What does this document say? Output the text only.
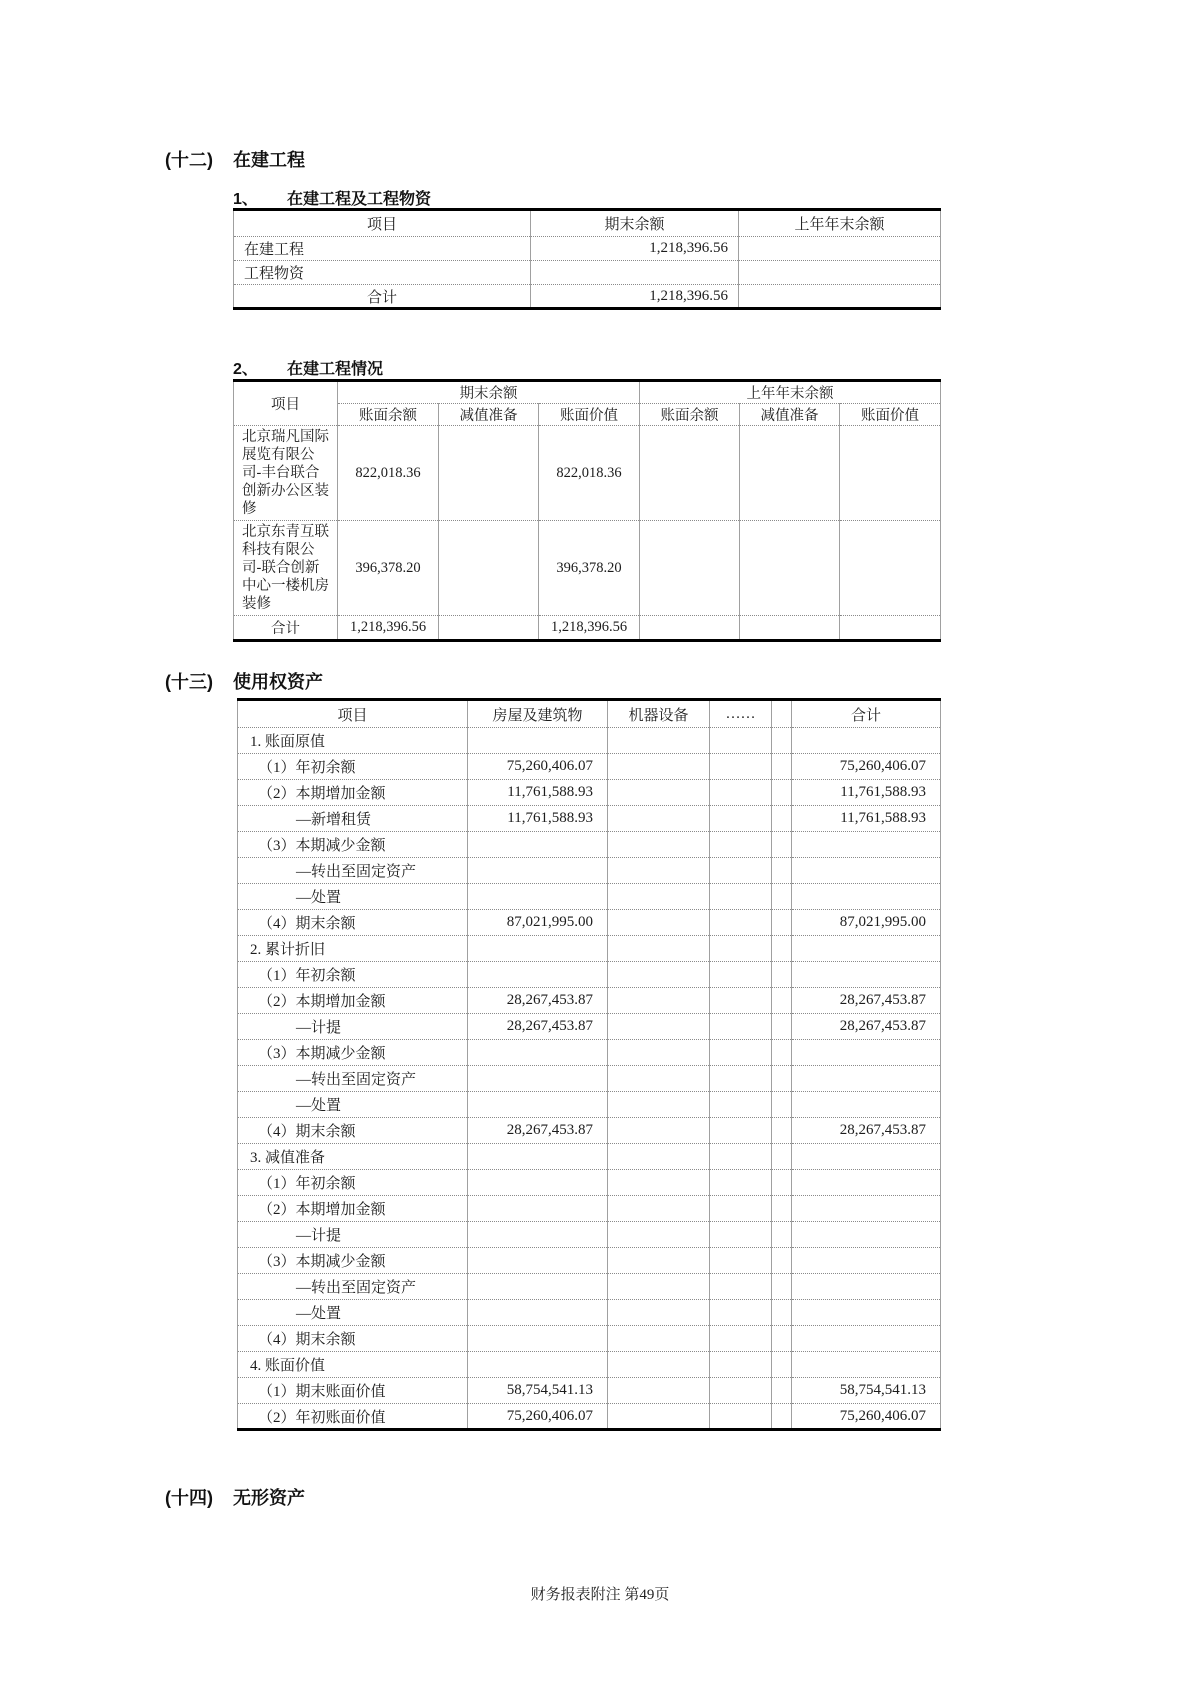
(十二) 在建工程
1、 在建工程及工程物资
项目	期末余额	上年年末余额
在建工程	1,218,396.56	
工程物资		
合计	1,218,396.56	
2、 在建工程情况
项目	期末余额			上年年末余额		
	账面余额	减值准备	账面价值	账面余额	减值准备	账面价值
北京瑞凡国际展览有限公司-丰台联合创新办公区装修	822,018.36		822,018.36			
北京东青互联科技有限公司-联合创新中心一楼机房装修	396,378.20		396,378.20			
合计	1,218,396.56		1,218,396.56			
(十三) 使用权资产
项目	房屋及建筑物	机器设备	……		合计
1. 账面原值					
（1）年初余额	75,260,406.07				75,260,406.07
（2）本期增加金额	11,761,588.93				11,761,588.93
—新增租赁	11,761,588.93				11,761,588.93
（3）本期减少金额					
—转出至固定资产					
—处置					
（4）期末余额	87,021,995.00				87,021,995.00
2. 累计折旧					
（1）年初余额					
（2）本期增加金额	28,267,453.87				28,267,453.87
—计提	28,267,453.87				28,267,453.87
（3）本期减少金额					
—转出至固定资产					
—处置					
（4）期末余额	28,267,453.87				28,267,453.87
3. 减值准备					
（1）年初余额					
（2）本期增加金额					
—计提					
（3）本期减少金额					
—转出至固定资产					
—处置					
（4）期末余额					
4. 账面价值					
（1）期末账面价值	58,754,541.13				58,754,541.13
（2）年初账面价值	75,260,406.07				75,260,406.07
(十四) 无形资产
财务报表附注 第49页
